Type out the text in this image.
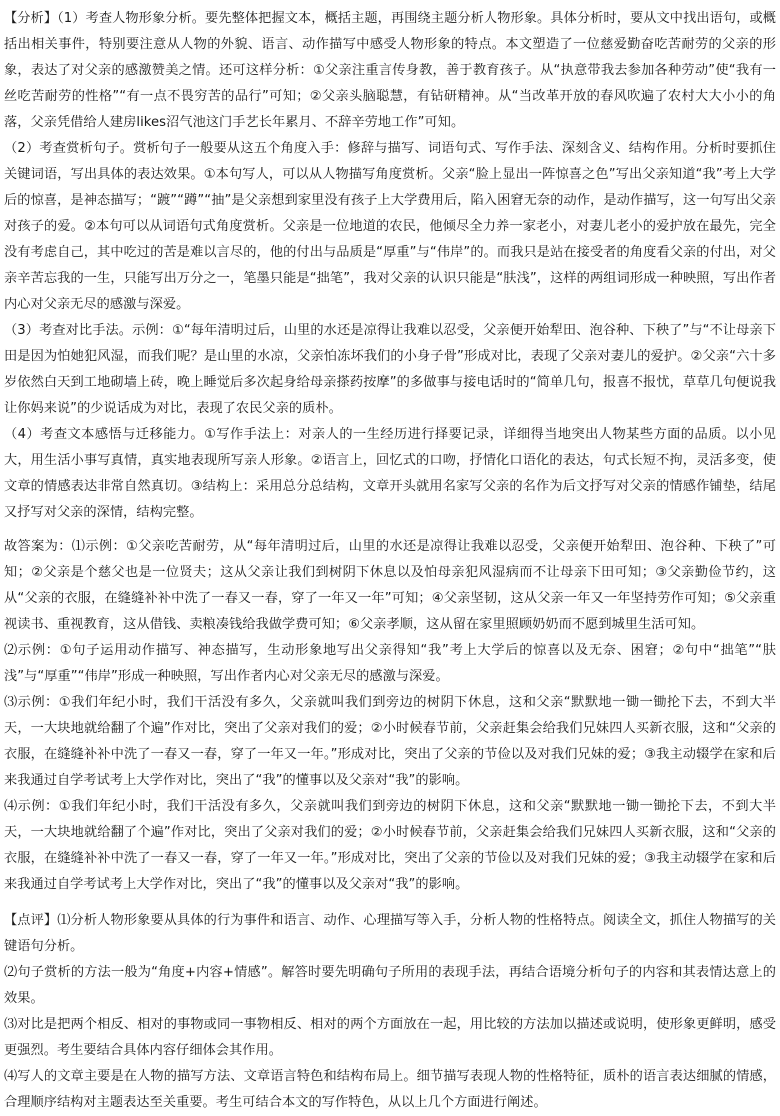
【分析】（1）考查人物形象分析。要先整体把握文本，概括主题，再围绕主题分析人物形象。具体分析时，要从文中找出语句，或概括出相关事件，特别要注意从人物的外貌、语言、动作描写中感受人物形象的特点。本文塑造了一位慈爱勤奋吃苦耐劳的父亲的形象，表达了对父亲的感激赞美之情。还可这样分析：①父亲注重言传身教，善于教育孩子。从“执意带我去参加各种劳动”使“我有一丝吃苦耐劳的性格”“有一点不畏穷苦的品行”可知；②父亲头脑聪慧，有钻研精神。从“当改革开放的春风吹遍了农村大大小小的角落，父亲凭借给人建房likes沼气池这门手艺长年累月、不辞辛劳地工作”可知。

（2）考查赏析句子。赏析句子一般要从这五个角度入手：修辞与描写、词语句式、写作手法、深刻含义、结构作用。分析时要抓住关键词语，写出具体的表达效果。①本句写人，可以从人物描写角度赏析。父亲“脸上显出一阵惊喜之色”写出父亲知道“我”考上大学后的惊喜，是神态描写；“踱”“蹲”“抽”是父亲想到家里没有孩子上大学费用后，陷入困窘无奈的动作，是动作描写，这一句写出父亲对孩子的爱。②本句可以从词语句式角度赏析。父亲是一位地道的农民，他倾尽全力养一家老小，对妻儿老小的爱护放在最先，完全没有考虑自己，其中吃过的苦是难以言尽的，他的付出与品质是“厚重”与“伟岸”的。而我只是站在接受者的角度看父亲的付出，对父亲辛苦忘我的一生，只能写出万分之一，笔墨只能是“拙笔”，我对父亲的认识只能是“肤浅”，这样的两组词形成一种映照，写出作者内心对父亲无尽的感激与深爱。

（3）考查对比手法。示例：①“每年清明过后，山里的水还是凉得让我难以忍受，父亲便开始犁田、泡谷种、下秧了”与“不让母亲下田是因为怕她犯风湿，而我们呢？是山里的水凉，父亲怕冻坏我们的小身子骨”形成对比，表现了父亲对妻儿的爱护。②父亲“六十多岁依然白天到工地砌墙上砖，晚上睡觉后多次起身给母亲搽药按摩”的多做事与接电话时的“简单几句，报喜不报忧，草草几句便说我让你妈来说”的少说话成为对比，表现了农民父亲的质朴。

（4）考查文本感悟与迁移能力。①写作手法上：对亲人的一生经历进行择要记录，详细得当地突出人物某些方面的品质。以小见大，用生活小事写真情，真实地表现所写亲人形象。②语言上，回忆式的口吻，抒情化口语化的表达，句式长短不拘，灵活多变，使文章的情感表达非常自然真切。③结构上：采用总分总结构，文章开头就用名家写父亲的名作为后文抒写对父亲的情感作铺垫，结尾又抒写对父亲的深情，结构完整。

故答案为：⑴示例：①父亲吃苦耐劳，从“每年清明过后，山里的水还是凉得让我难以忍受，父亲便开始犁田、泡谷种、下秧了”可知；②父亲是个慈父也是一位贤夫；这从父亲让我们到树阴下休息以及怕母亲犯风湿病而不让母亲下田可知；③父亲勤俭节约，这从“父亲的衣服，在缝缝补补中洗了一春又一春，穿了一年又一年”可知；④父亲坚韧，这从父亲一年又一年坚持劳作可知；⑤父亲重视读书、重视教育，这从借钱、卖粮凑钱给我做学费可知；⑥父亲孝顺，这从留在家里照顾奶奶而不愿到城里生活可知。

⑵示例：①句子运用动作描写、神态描写，生动形象地写出父亲得知“我”考上大学后的惊喜以及无奈、困窘；②句中“拙笔”“肤浅”与“厚重”“伟岸”形成一种映照，写出作者内心对父亲无尽的感激与深爱。

⑶示例：①我们年纪小时，我们干活没有多久，父亲就叫我们到旁边的树阴下休息，这和父亲“默默地一锄一锄抡下去，不到大半天，一大块地就给翻了个遍”作对比，突出了父亲对我们的爱；②小时候春节前，父亲赶集会给我们兄妹四人买新衣服，这和“父亲的衣服，在缝缝补补中洗了一春又一春，穿了一年又一年。”形成对比，突出了父亲的节俭以及对我们兄妹的爱；③我主动辍学在家和后来我通过自学考试考上大学作对比，突出了“我”的懂事以及父亲对“我”的影响。

⑷示例：①我们年纪小时，我们干活没有多久，父亲就叫我们到旁边的树阴下休息，这和父亲“默默地一锄一锄抡下去，不到大半天，一大块地就给翻了个遍”作对比，突出了父亲对我们的爱；②小时候春节前，父亲赶集会给我们兄妹四人买新衣服，这和“父亲的衣服，在缝缝补补中洗了一春又一春，穿了一年又一年。”形成对比，突出了父亲的节俭以及对我们兄妹的爱；③我主动辍学在家和后来我通过自学考试考上大学作对比，突出了“我”的懂事以及父亲对“我”的影响。

【点评】⑴分析人物形象要从具体的行为事件和语言、动作、心理描写等入手，分析人物的性格特点。阅读全文，抓住人物描写的关键语句分析。

⑵句子赏析的方法一般为“角度+内容+情感”。解答时要先明确句子所用的表现手法，再结合语境分析句子的内容和其表情达意上的效果。

⑶对比是把两个相反、相对的事物或同一事物相反、相对的两个方面放在一起，用比较的方法加以描述或说明，使形象更鲜明，感受更强烈。考生要结合具体内容仔细体会其作用。

⑷写人的文章主要是在人物的描写方法、文章语言特色和结构布局上。细节描写表现人物的性格特征，质朴的语言表达细腻的情感，合理顺序结构对主题表达至关重要。考生可结合本文的写作特色，从以上几个方面进行阐述。
